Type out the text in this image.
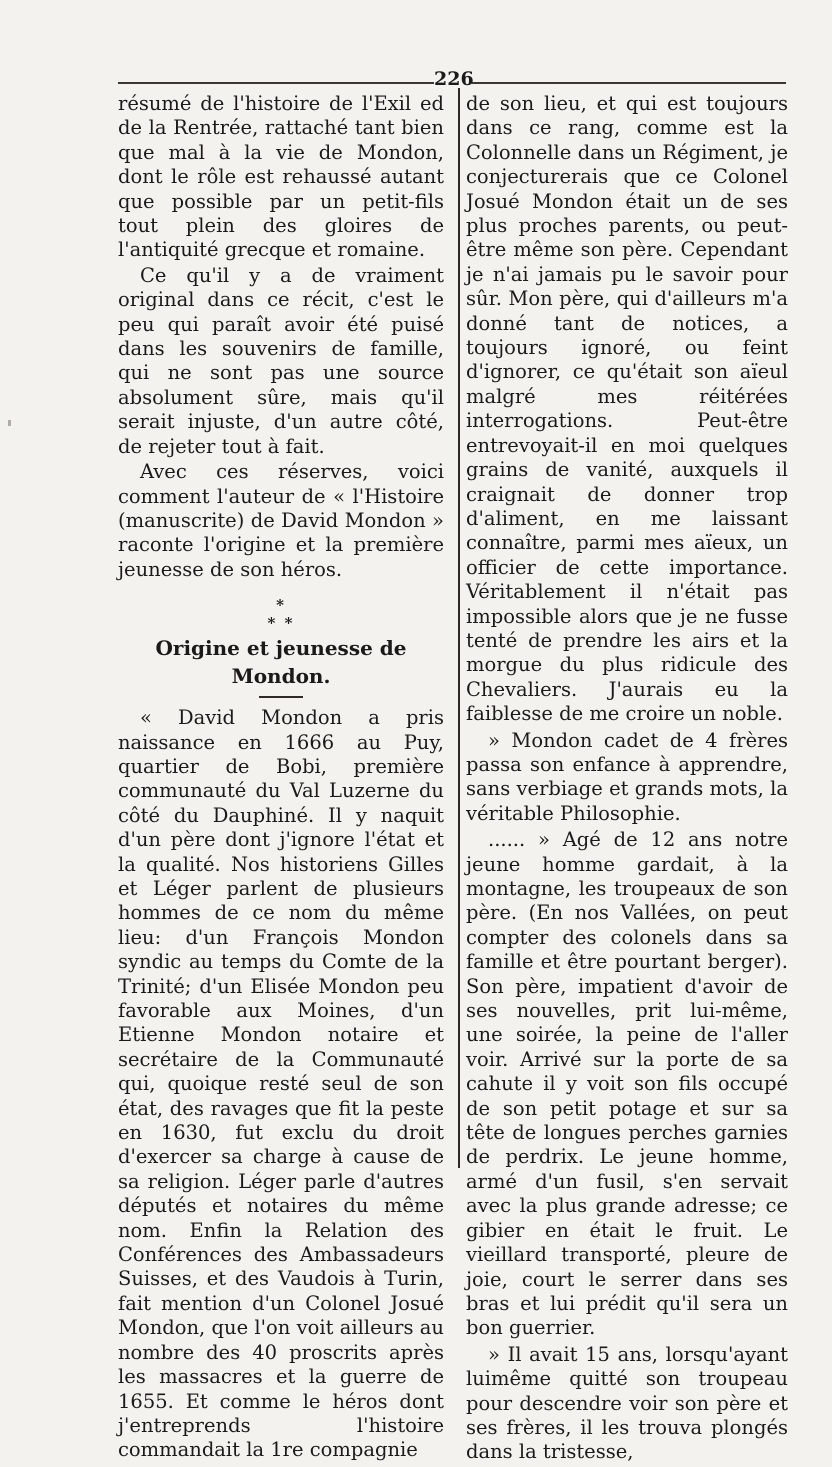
226

résumé de l'histoire de l'Exil ed de la Rentrée, rattaché tant bien que mal à la vie de Mondon, dont le rôle est rehaussé autant que possible par un petit-fils tout plein des gloires de l'antiquité grecque et romaine.

Ce qu'il y a de vraiment original dans ce récit, c'est le peu qui paraît avoir été puisé dans les souvenirs de famille, qui ne sont pas une source absolument sûre, mais qu'il serait injuste, d'un autre côté, de rejeter tout à fait.

Avec ces réserves, voici comment l'auteur de « l'Histoire (manuscrite) de David Mondon » raconte l'origine et la première jeunesse de son héros.

*
* *
Origine et jeunesse de Mondon.

« David Mondon a pris naissance en 1666 au Puy, quartier de Bobi, première communauté du Val Luzerne du côté du Dauphiné. Il y naquit d'un père dont j'ignore l'état et la qualité. Nos historiens Gilles et Léger parlent de plusieurs hommes de ce nom du même lieu: d'un François Mondon syndic au temps du Comte de la Trinité; d'un Elisée Mondon peu favorable aux Moines, d'un Etienne Mondon notaire et secrétaire de la Communauté qui, quoique resté seul de son état, des ravages que fit la peste en 1630, fut exclu du droit d'exercer sa charge à cause de sa religion. Léger parle d'autres députés et notaires du même nom. Enfin la Relation des Conférences des Ambassadeurs Suisses, et des Vaudois à Turin, fait mention d'un Colonel Josué Mondon, que l'on voit ailleurs au nombre des 40 proscrits après les massacres et la guerre de 1655. Et comme le héros dont j'entreprends l'histoire commandait la 1re compagnie

de son lieu, et qui est toujours dans ce rang, comme est la Colonnelle dans un Régiment, je conjecturerais que ce Colonel Josué Mondon était un de ses plus proches parents, ou peut-être même son père. Cependant je n'ai jamais pu le savoir pour sûr. Mon père, qui d'ailleurs m'a donné tant de notices, a toujours ignoré, ou feint d'ignorer, ce qu'était son aïeul malgré mes réitérées interrogations. Peut-être entrevoyait-il en moi quelques grains de vanité, auxquels il craignait de donner trop d'aliment, en me laissant connaître, parmi mes aïeux, un officier de cette importance. Véritablement il n'était pas impossible alors que je ne fusse tenté de prendre les airs et la morgue du plus ridicule des Chevaliers. J'aurais eu la faiblesse de me croire un noble.

» Mondon cadet de 4 frères passa son enfance à apprendre, sans verbiage et grands mots, la véritable Philosophie.

...... » Agé de 12 ans notre jeune homme gardait, à la montagne, les troupeaux de son père. (En nos Vallées, on peut compter des colonels dans sa famille et être pourtant berger). Son père, impatient d'avoir de ses nouvelles, prit lui-même, une soirée, la peine de l'aller voir. Arrivé sur la porte de sa cahute il y voit son fils occupé de son petit potage et sur sa tête de longues perches garnies de perdrix. Le jeune homme, armé d'un fusil, s'en servait avec la plus grande adresse; ce gibier en était le fruit. Le vieillard transporté, pleure de joie, court le serrer dans ses bras et lui prédit qu'il sera un bon guerrier.

» Il avait 15 ans, lorsqu'ayant luimême quitté son troupeau pour descendre voir son père et ses frères, il les trouva plongés dans la tristesse,
